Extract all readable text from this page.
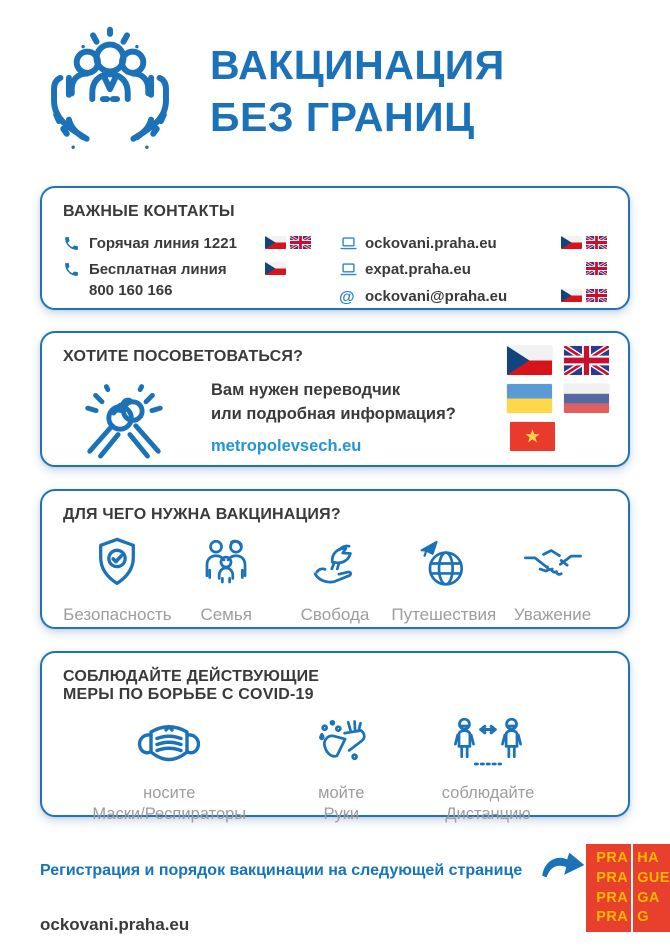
ВАКЦИНАЦИЯ
БЕЗ ГРАНИЦ
ВАЖНЫЕ КОНТАКТЫ
Горячая линия 1221
Бесплатная линия
800 160 166
ockovani.praha.eu
expat.praha.eu
@ ockovani@praha.eu
ХОТИТЕ ПОСОВЕТОВАТЬСЯ?
Вам нужен переводчик
или подробная информация?
metropolevsech.eu
ДЛЯ ЧЕГО НУЖНА ВАКЦИНАЦИЯ?
Безопасность Семья	Свобода Путешествия Уважение
СОБЛЮДАЙТЕ ДЕЙСТВУЮЩИЕ
МЕРЫ ПО БОРЬБЕ С COVID-19
носите
Маски/Респираторы
мойте
Руки
соблюдайте
Дистанцию
Регистрация и порядок вакцинации на следующей странице
ockovani.praha.eu
PRA
PRA
PRA
PRA
HA
GUE
GA
G
